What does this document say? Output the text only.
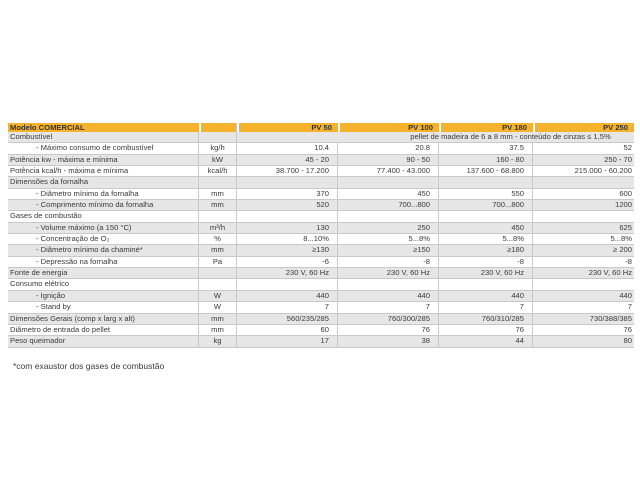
Modelo COMERCIAL		PV 50	PV 100	PV 180	PV 250
Combustível		pellet de madeira de 6 a 8 mm - conteúdo de cinzas ≤ 1,5%			
- Máximo consumo de combustível	kg/h	10.4	20.8	37.5	52
Potência kw - máxima e mínima	kW	45 - 20	90 - 50	160 - 80	250 - 70
Potência kcal/h - máxima e mínima	kcal/h	38.700 - 17.200	77.400 - 43.000	137.600 - 68.800	215.000 - 60.200
Dimensões da fornalha					
- Diâmetro mínimo da fornalha	mm	370	450	550	600
- Comprimento mínimo da fornalha	mm	520	700...800	700...800	1200
Gases de combustão					
- Volume máximo (a 150 °C)	m³/h	130	250	450	625
- Concentração de O₂	%	8...10%	5...8%	5...8%	5...8%
- Diâmetro mínimo da chaminé*	mm	≥130	≥150	≥180	≥ 200
- Depressão na fornalha	Pa	-6	-8	-8	-8
Fonte de energia		230 V, 60 Hz	230 V, 60 Hz	230 V, 60 Hz	230 V, 60 Hz
Consumo elétrico					
- Ignição	W	440	440	440	440
- Stand by	W	7	7	7	7
Dimensões Gerais (comp x larg x alt)	mm	560/235/285	760/300/285	760/310/285	730/388/385
Diâmetro de entrada do pellet	mm	60	76	76	76
Peso queimador	kg	17	38	44	80
*com exaustor dos gases de combustão
